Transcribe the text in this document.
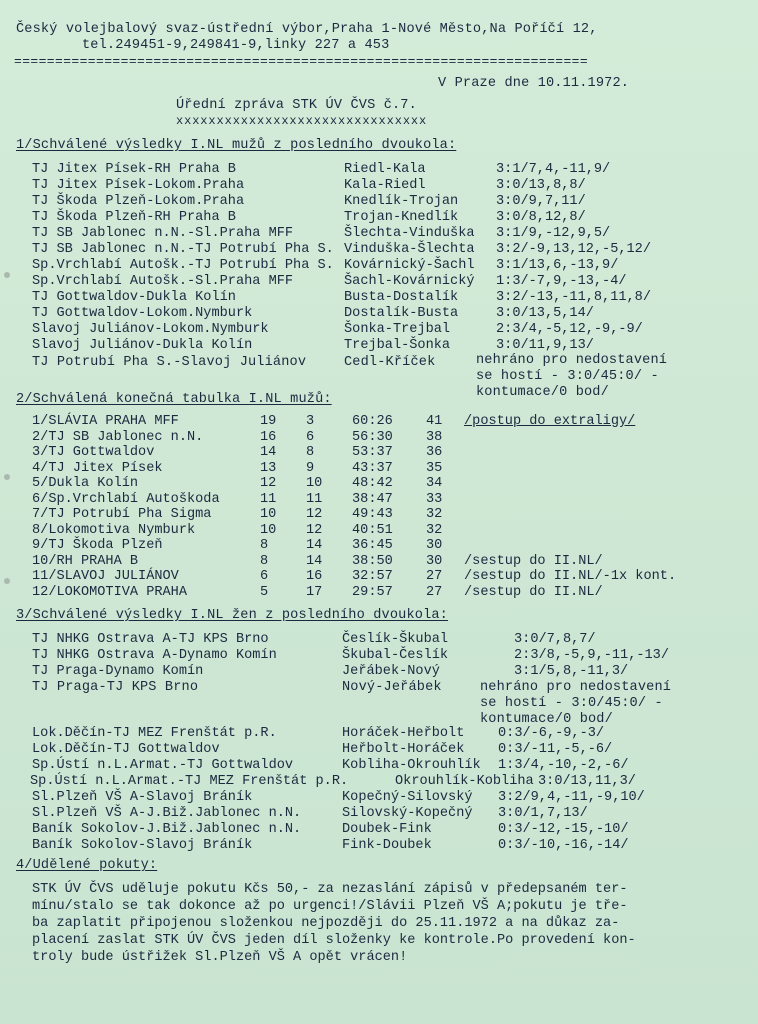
Český volejbalový svaz-ústřední výbor,Praha 1-Nové Město,Na Poříčí 12,
tel.249451-9,249841-9,linky 227 a 453
======================================================================
V Praze dne 10.11.1972.
Úřední zpráva STK ÚV ČVS č.7.
xxxxxxxxxxxxxxxxxxxxxxxxxxxxxxx
1/Schválené výsledky I.NL mužů z posledního dvoukola:
TJ Jitex Písek-RH Praha B	Riedl-Kala	3:1/7,4,-11,9/
TJ Jitex Písek-Lokom.Praha	Kala-Riedl	3:0/13,8,8/
TJ Škoda Plzeň-Lokom.Praha	Knedlík-Trojan	3:0/9,7,11/
TJ Škoda Plzeň-RH Praha B	Trojan-Knedlík	3:0/8,12,8/
TJ SB Jablonec n.N.-Sl.Praha MFF	Šlechta-Vinduška 3:1/9,-12,9,5/
TJ SB Jablonec n.N.-TJ Potrubí Pha S. Vinduška-Šlechta 3:2/-9,13,12,-5,12/
Sp.Vrchlabí Autošk.-TJ Potrubí Pha S. Kovárnický-Šachl 3:1/13,6,-13,9/
Sp.Vrchlabí Autošk.-Sl.Praha MFF	Šachl-Kovárnický 1:3/-7,9,-13,-4/
TJ Gottwaldov-Dukla Kolín	Busta-Dostalík	3:2/-13,-11,8,11,8/
TJ Gottwaldov-Lokom.Nymburk	Dostalík-Busta	3:0/13,5,14/
Slavoj Juliánov-Lokom.Nymburk	Šonka-Trejbal	2:3/4,-5,12,-9,-9/
Slavoj Juliánov-Dukla Kolín	Trejbal-Šonka	3:0/11,9,13/
TJ Potrubí Pha S.-Slavoj Juliánov	Cedl-Kříček	nehráno pro nedostavení
se hostí - 3:0/45:0/ -
kontumace/0 bod/
2/Schválená konečná tabulka I.NL mužů:
1/SLÁVIA PRAHA MFF	19 3	60:26 41 /postup do extraligy/
2/TJ SB Jablonec n.N.	16 6	56:30 38
3/TJ Gottwaldov	14 8	53:37 36
4/TJ Jitex Písek	13 9	43:37 35
5/Dukla Kolín	12 10 48:42 34
6/Sp.Vrchlabí Autoškoda	11 11 38:47 33
7/TJ Potrubí Pha Sigma	10 12 49:43 32
8/Lokomotiva Nymburk	10 12 40:51 32
9/TJ Škoda Plzeň	8	14 36:45 30
10/RH PRAHA B	8	14 38:50 30 /sestup do II.NL/
11/SLAVOJ JULIÁNOV	6	16 32:57 27 /sestup do II.NL/-1x kont.
12/LOKOMOTIVA PRAHA	5	17 29:57 27 /sestup do II.NL/
3/Schválené výsledky I.NL žen z posledního dvoukola:
TJ NHKG Ostrava A-TJ KPS Brno	Česlík-Škubal	3:0/7,8,7/
TJ NHKG Ostrava A-Dynamo Komín	Škubal-Česlík	2:3/8,-5,9,-11,-13/
TJ Praga-Dynamo Komín	Jeřábek-Nový	3:1/5,8,-11,3/
TJ Praga-TJ KPS Brno	Nový-Jeřábek	nehráno pro nedostavení
se hostí - 3:0/45:0/ -
kontumace/0 bod/
Lok.Děčín-TJ MEZ Frenštát p.R.	Horáček-Heřbolt 0:3/-6,-9,-3/
Lok.Děčín-TJ Gottwaldov	Heřbolt-Horáček 0:3/-11,-5,-6/
Sp.Ústí n.L.Armat.-TJ Gottwaldov	Kobliha-Okrouhlík 1:3/4,-10,-2,-6/
Sp.Ústí n.L.Armat.-TJ MEZ Frenštát p.R.	Okrouhlík-Kobliha 3:0/13,11,3/
Sl.Plzeň VŠ A-Slavoj Bráník	Kopečný-Silovský 3:2/9,4,-11,-9,10/
Sl.Plzeň VŠ A-J.Biž.Jablonec n.N.	Silovský-Kopečný 3:0/1,7,13/
Baník Sokolov-J.Biž.Jablonec n.N.	Doubek-Fink	0:3/-12,-15,-10/
Baník Sokolov-Slavoj Bráník	Fink-Doubek	0:3/-10,-16,-14/
4/Udělené pokuty:
STK ÚV ČVS uděluje pokutu Kčs 50,- za nezaslání zápisů v předepsaném ter-
mínu/stalo se tak dokonce až po urgenci!/Slávii Plzeň VŠ A;pokutu je tře-
ba zaplatit připojenou složenkou nejpozději do 25.11.1972 a na důkaz za-
placení zaslat STK ÚV ČVS jeden díl složenky ke kontrole.Po provedení kon-
troly bude ústřižek Sl.Plzeň VŠ A opět vrácen!
